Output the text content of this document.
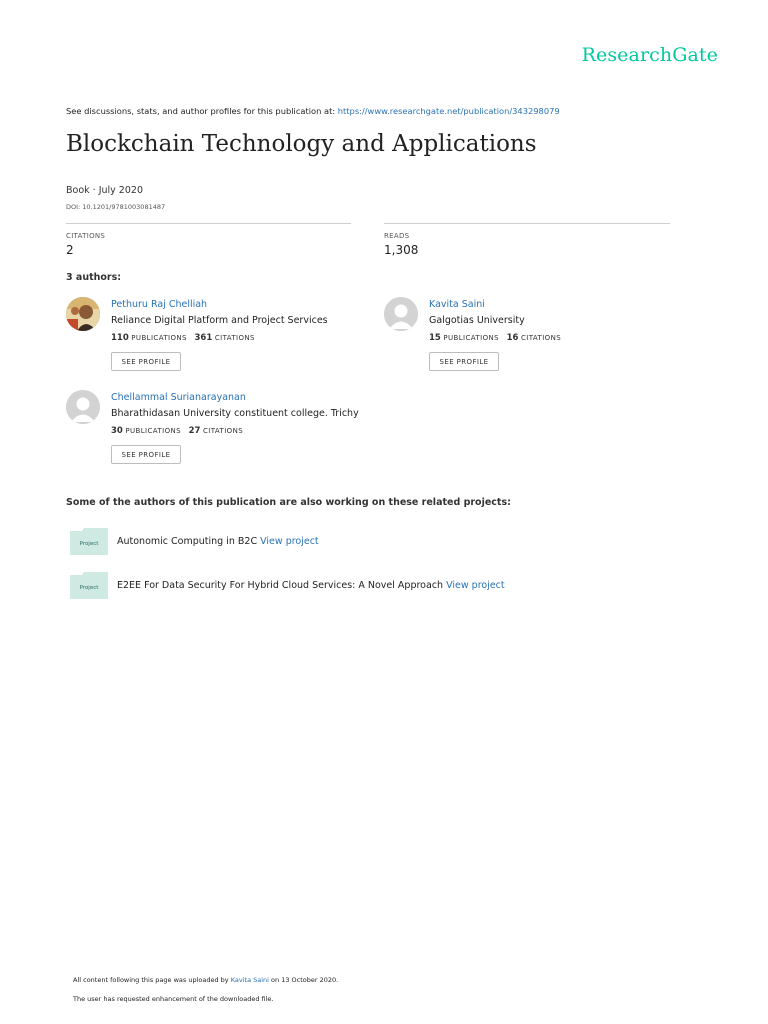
ResearchGate
See discussions, stats, and author profiles for this publication at: https://www.researchgate.net/publication/343298079
Blockchain Technology and Applications
Book · July 2020
DOI: 10.1201/9781003081487
CITATIONS
2
READS
1,308
3 authors:
Pethuru Raj Chelliah
Reliance Digital Platform and Project Services
110 PUBLICATIONS 361 CITATIONS
SEE PROFILE
Kavita Saini
Galgotias University
15 PUBLICATIONS 16 CITATIONS
SEE PROFILE
Chellammal Surianarayanan
Bharathidasan University constituent college. Trichy
30 PUBLICATIONS 27 CITATIONS
SEE PROFILE
Some of the authors of this publication are also working on these related projects:
Project Autonomic Computing in B2C View project
Project E2EE For Data Security For Hybrid Cloud Services: A Novel Approach View project
All content following this page was uploaded by Kavita Saini on 13 October 2020.
The user has requested enhancement of the downloaded file.
